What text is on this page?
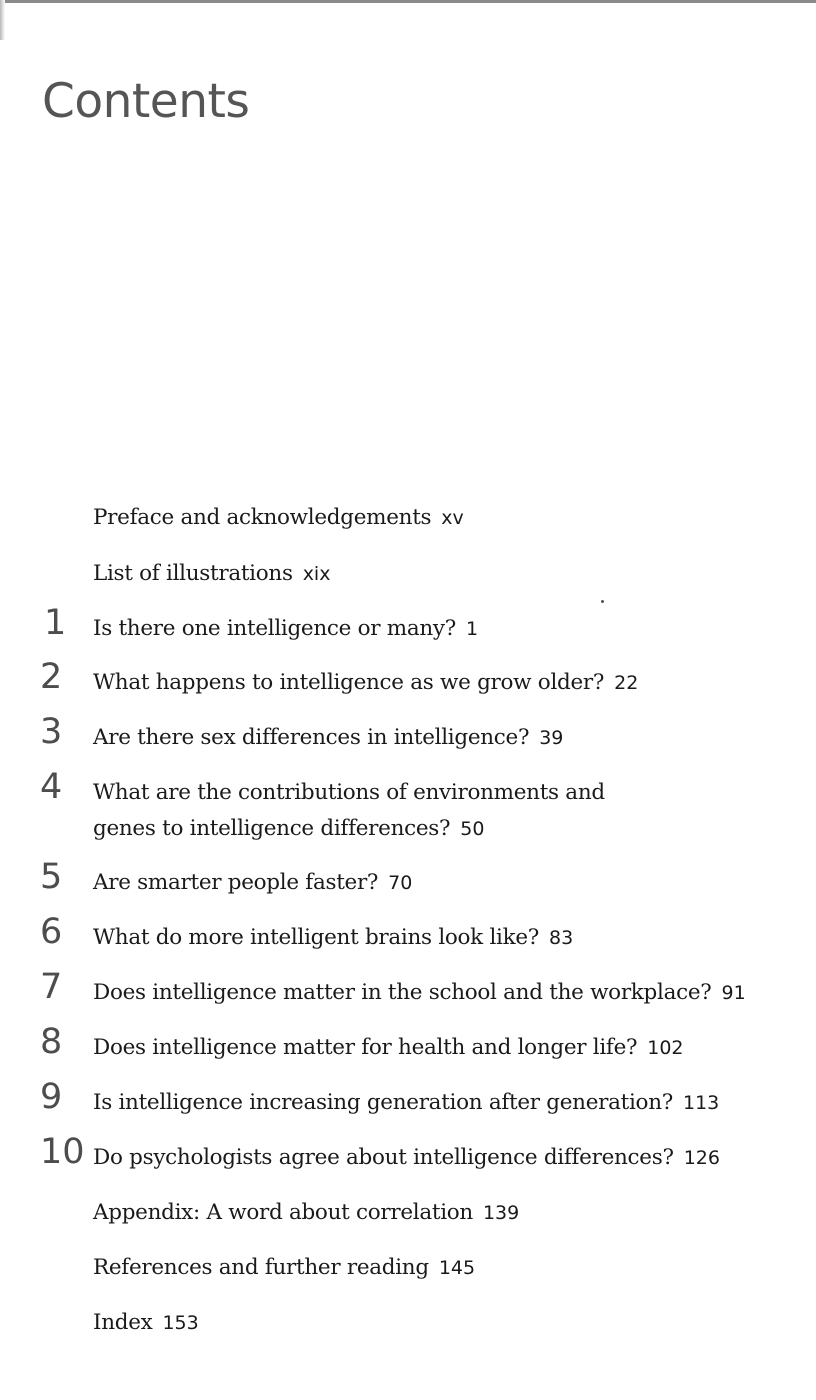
Contents
Preface and acknowledgements xv
List of illustrations xix
1 Is there one intelligence or many? 1
2 What happens to intelligence as we grow older? 22
3 Are there sex differences in intelligence? 39
4 What are the contributions of environments and genes to intelligence differences? 50
5 Are smarter people faster? 70
6 What do more intelligent brains look like? 83
7 Does intelligence matter in the school and the workplace? 91
8 Does intelligence matter for health and longer life? 102
9 Is intelligence increasing generation after generation? 113
10 Do psychologists agree about intelligence differences? 126
Appendix: A word about correlation 139
References and further reading 145
Index 153
